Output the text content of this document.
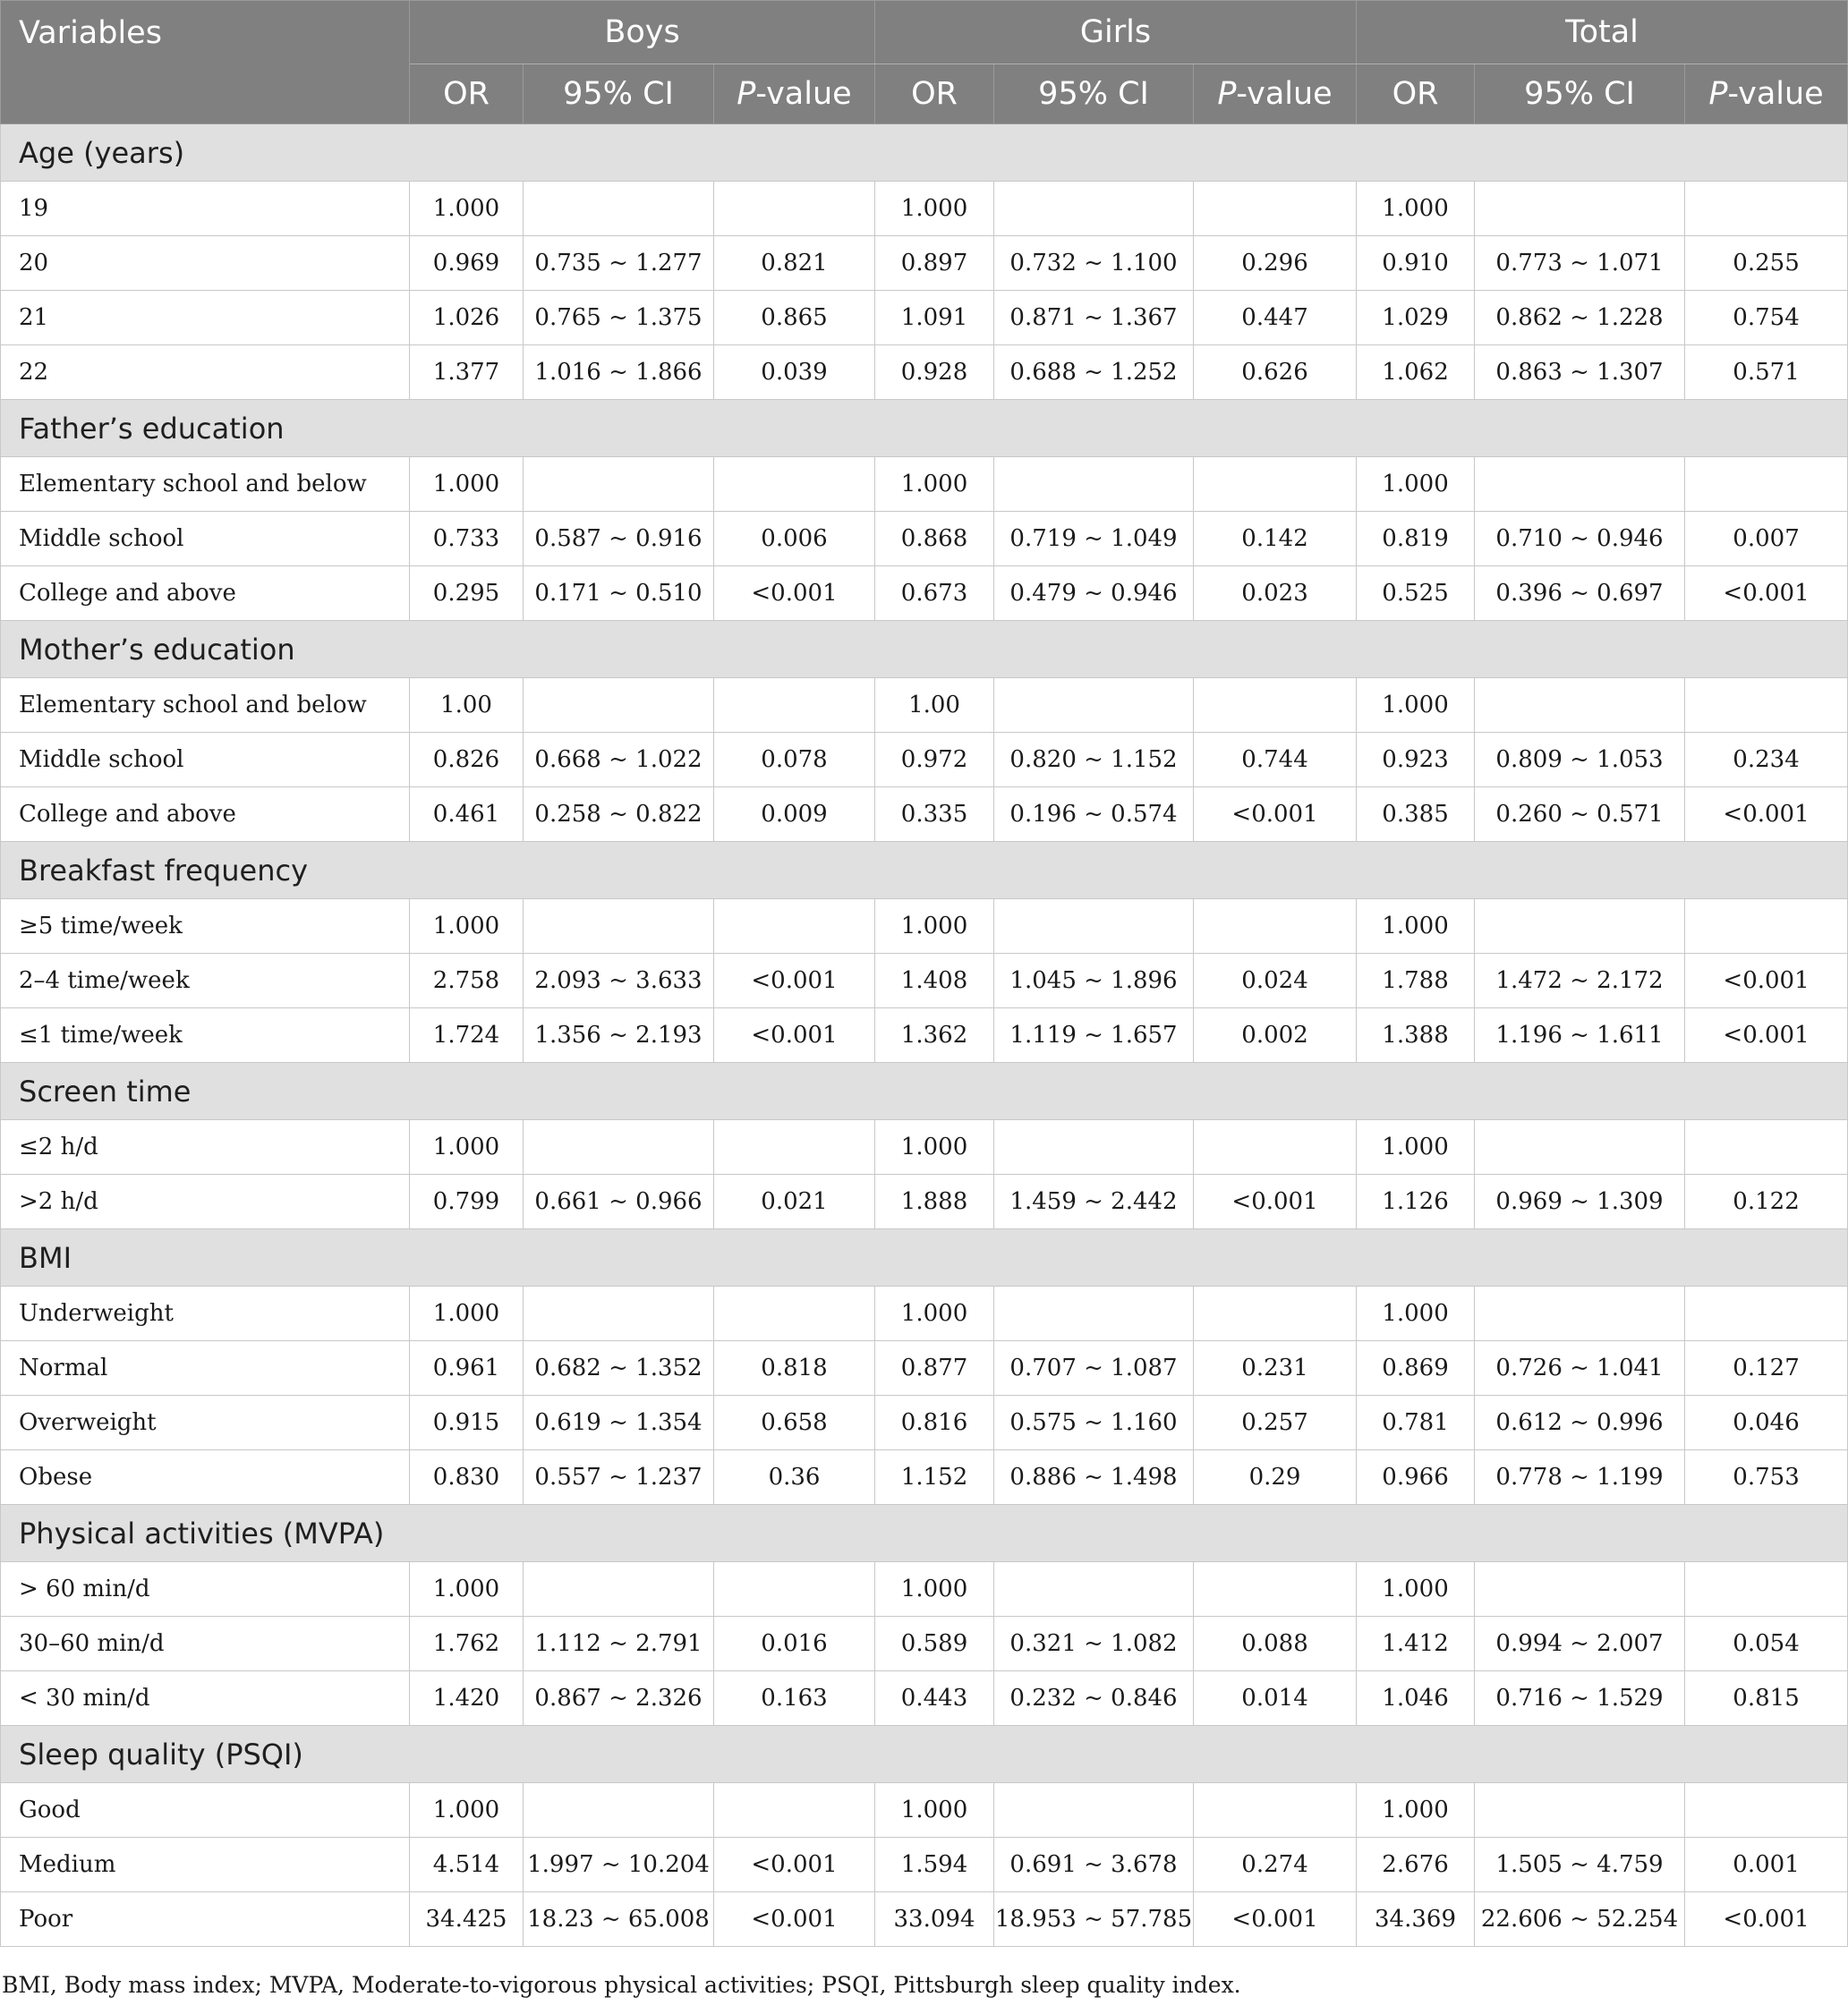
Variables	Boys			Girls			Total		
	OR	95% CI	P-value	OR	95% CI	P-value	OR	95% CI	P-value
Age (years)									
19	1.000			1.000			1.000		
20	0.969	0.735 ~ 1.277	0.821	0.897	0.732 ~ 1.100	0.296	0.910	0.773 ~ 1.071	0.255
21	1.026	0.765 ~ 1.375	0.865	1.091	0.871 ~ 1.367	0.447	1.029	0.862 ~ 1.228	0.754
22	1.377	1.016 ~ 1.866	0.039	0.928	0.688 ~ 1.252	0.626	1.062	0.863 ~ 1.307	0.571
Father’s education									
Elementary school and below	1.000			1.000			1.000		
Middle school	0.733	0.587 ~ 0.916	0.006	0.868	0.719 ~ 1.049	0.142	0.819	0.710 ~ 0.946	0.007
College and above	0.295	0.171 ~ 0.510	<0.001	0.673	0.479 ~ 0.946	0.023	0.525	0.396 ~ 0.697	<0.001
Mother’s education									
Elementary school and below	1.00			1.00			1.000		
Middle school	0.826	0.668 ~ 1.022	0.078	0.972	0.820 ~ 1.152	0.744	0.923	0.809 ~ 1.053	0.234
College and above	0.461	0.258 ~ 0.822	0.009	0.335	0.196 ~ 0.574	<0.001	0.385	0.260 ~ 0.571	<0.001
Breakfast frequency									
≥5 time/week	1.000			1.000			1.000		
2–4 time/week	2.758	2.093 ~ 3.633	<0.001	1.408	1.045 ~ 1.896	0.024	1.788	1.472 ~ 2.172	<0.001
≤1 time/week	1.724	1.356 ~ 2.193	<0.001	1.362	1.119 ~ 1.657	0.002	1.388	1.196 ~ 1.611	<0.001
Screen time									
≤2 h/d	1.000			1.000			1.000		
>2 h/d	0.799	0.661 ~ 0.966	0.021	1.888	1.459 ~ 2.442	<0.001	1.126	0.969 ~ 1.309	0.122
BMI									
Underweight	1.000			1.000			1.000		
Normal	0.961	0.682 ~ 1.352	0.818	0.877	0.707 ~ 1.087	0.231	0.869	0.726 ~ 1.041	0.127
Overweight	0.915	0.619 ~ 1.354	0.658	0.816	0.575 ~ 1.160	0.257	0.781	0.612 ~ 0.996	0.046
Obese	0.830	0.557 ~ 1.237	0.36	1.152	0.886 ~ 1.498	0.29	0.966	0.778 ~ 1.199	0.753
Physical activities (MVPA)									
> 60 min/d	1.000			1.000			1.000		
30–60 min/d	1.762	1.112 ~ 2.791	0.016	0.589	0.321 ~ 1.082	0.088	1.412	0.994 ~ 2.007	0.054
< 30 min/d	1.420	0.867 ~ 2.326	0.163	0.443	0.232 ~ 0.846	0.014	1.046	0.716 ~ 1.529	0.815
Sleep quality (PSQI)									
Good	1.000			1.000			1.000		
Medium	4.514	1.997 ~ 10.204	<0.001	1.594	0.691 ~ 3.678	0.274	2.676	1.505 ~ 4.759	0.001
Poor	34.425	18.23 ~ 65.008	<0.001	33.094	18.953 ~ 57.785	<0.001	34.369	22.606 ~ 52.254	<0.001
BMI, Body mass index; MVPA, Moderate-to-vigorous physical activities; PSQI, Pittsburgh sleep quality index.
